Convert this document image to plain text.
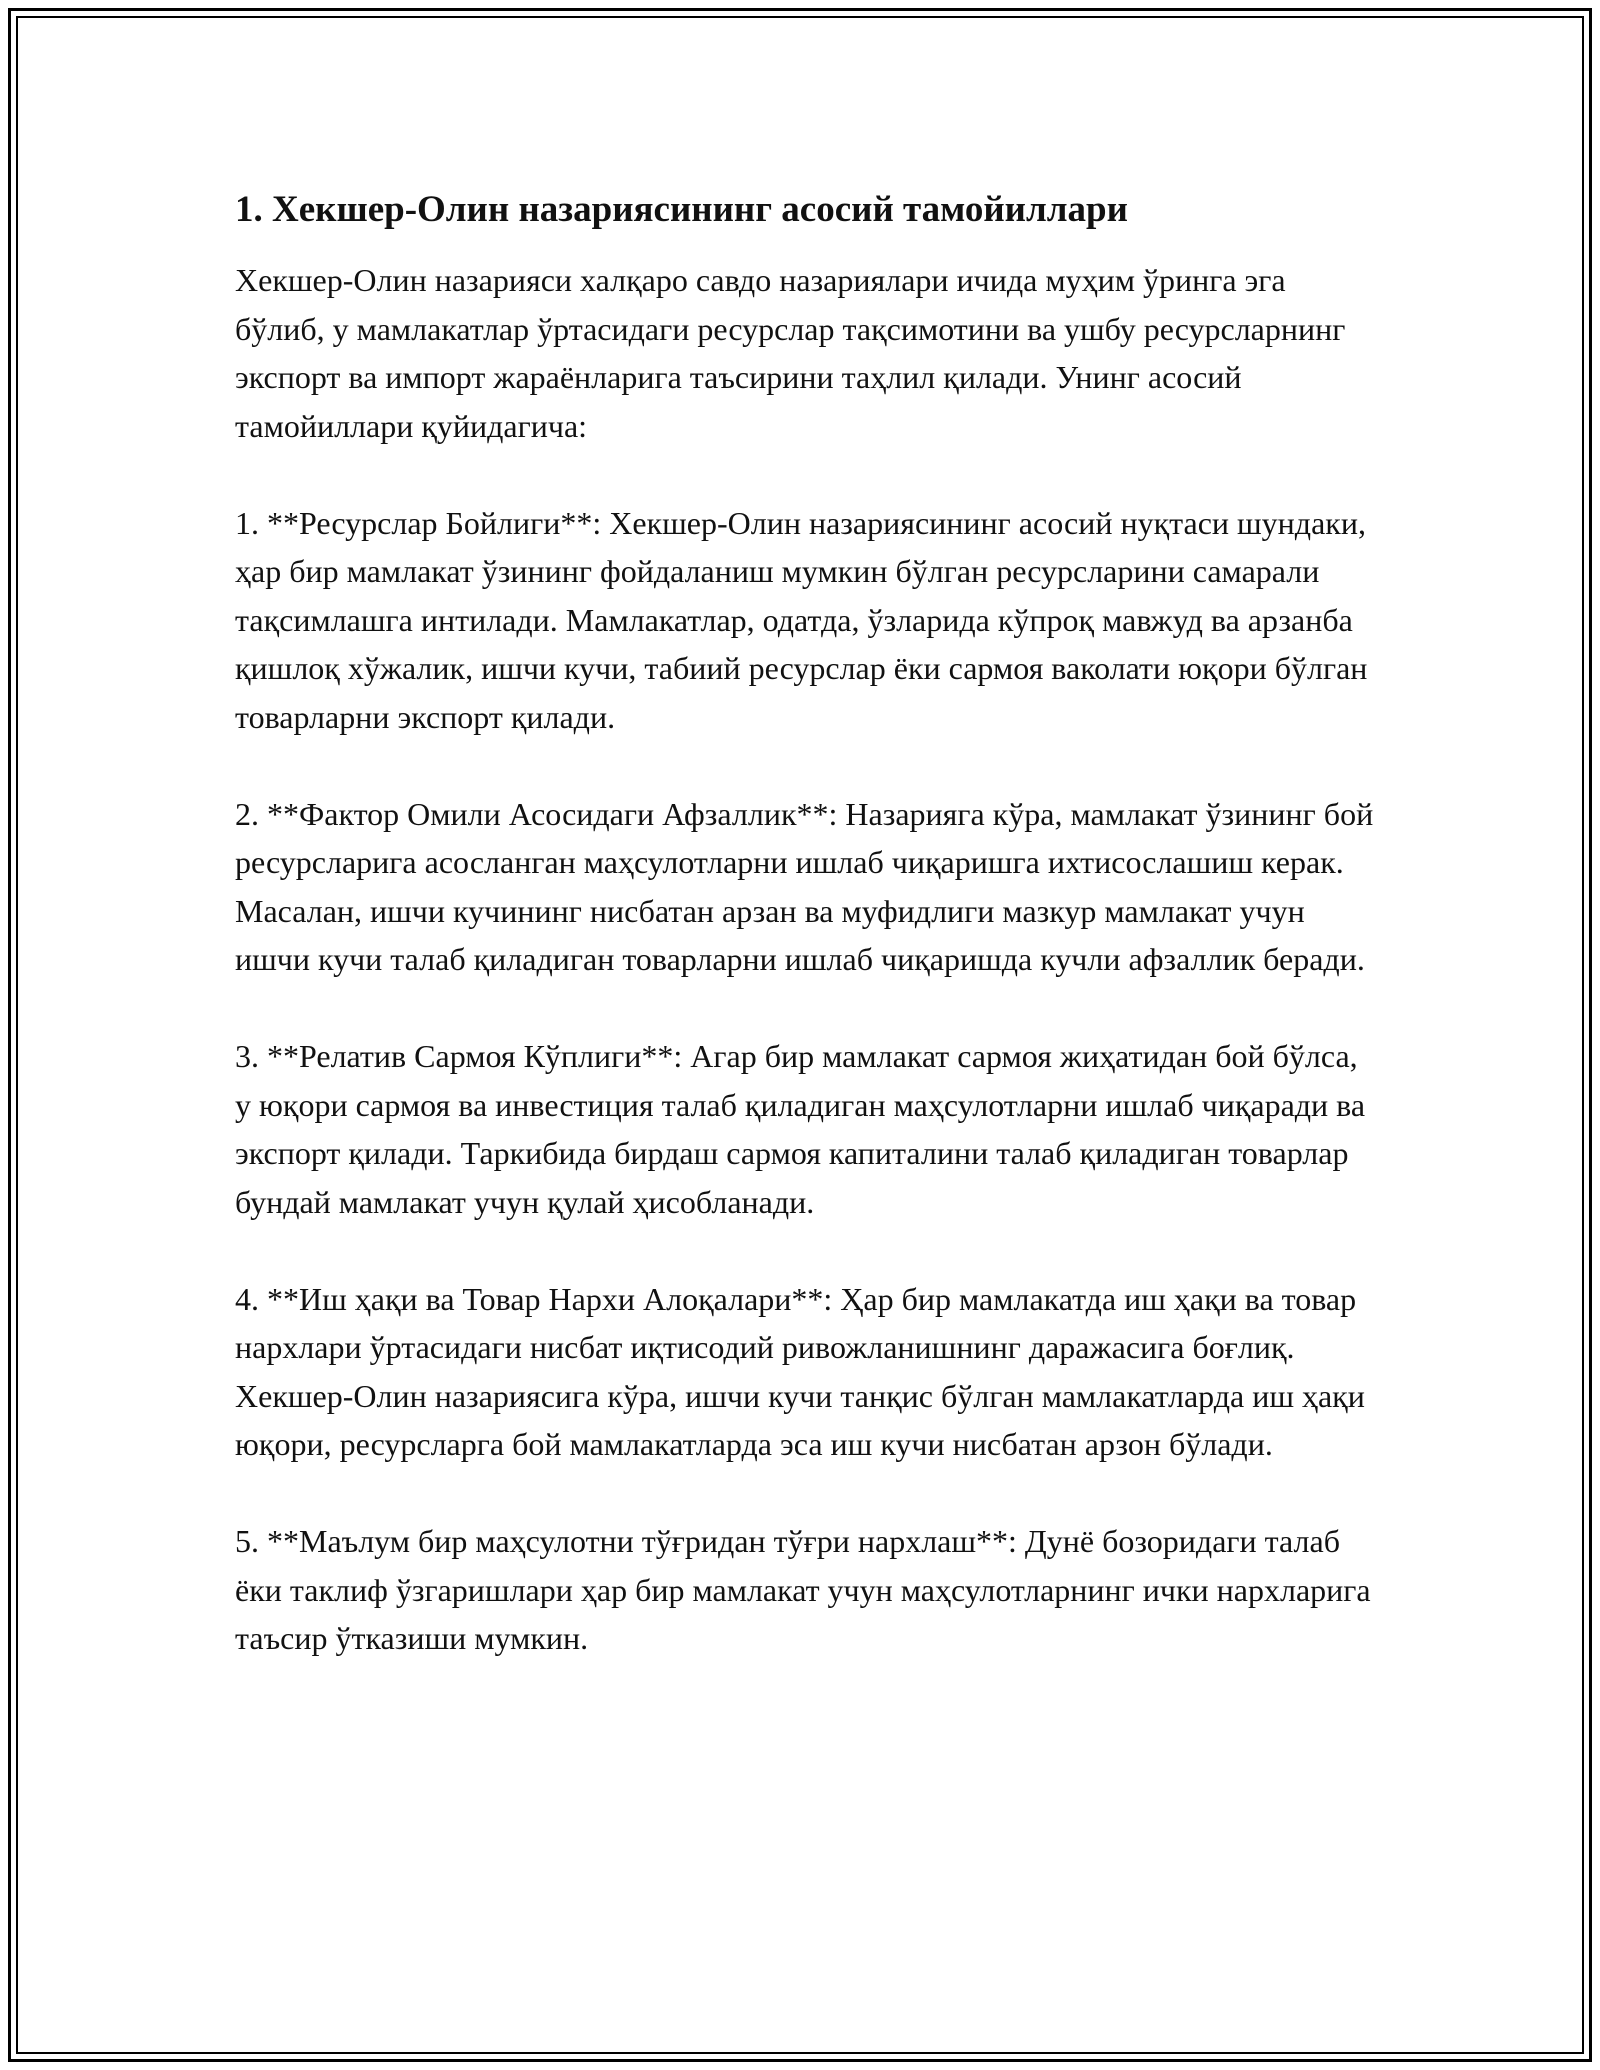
1. Хекшер-Олин назариясининг асосий тамойиллари

Хекшер-Олин назарияси халқаро савдо назариялари ичида муҳим ўринга эга бўлиб, у мамлакатлар ўртасидаги ресурслар тақсимотини ва ушбу ресурсларнинг экспорт ва импорт жараёнларига таъсирини таҳлил қилади. Унинг асосий тамойиллари қуйидагича:

1. **Ресурслар Бойлиги**: Хекшер-Олин назариясининг асосий нуқтаси шундаки, ҳар бир мамлакат ўзининг фойдаланиш мумкин бўлган ресурсларини самарали тақсимлашга интилади. Мамлакатлар, одатда, ўзларида кўпроқ мавжуд ва арзанба қишлоқ хўжалик, ишчи кучи, табиий ресурслар ёки сармоя ваколати юқори бўлган товарларни экспорт қилади.

2. **Фактор Омили Асосидаги Афзаллик**: Назарияга кўра, мамлакат ўзининг бой ресурсларига асосланган маҳсулотларни ишлаб чиқаришга ихтисослашиш керак. Масалан, ишчи кучининг нисбатан арзан ва муфидлиги мазкур мамлакат учун ишчи кучи талаб қиладиган товарларни ишлаб чиқаришда кучли афзаллик беради.

3. **Релатив Сармоя Кўплиги**: Агар бир мамлакат сармоя жиҳатидан бой бўлса, у юқори сармоя ва инвестиция талаб қиладиган маҳсулотларни ишлаб чиқаради ва экспорт қилади. Таркибида бирдаш сармоя капиталини талаб қиладиган товарлар бундай мамлакат учун қулай ҳисобланади.

4. **Иш ҳақи ва Товар Нархи Алоқалари**: Ҳар бир мамлакатда иш ҳақи ва товар нархлари ўртасидаги нисбат иқтисодий ривожланишнинг даражасига боғлиқ. Хекшер-Олин назариясига кўра, ишчи кучи танқис бўлган мамлакатларда иш ҳақи юқори, ресурсларга бой мамлакатларда эса иш кучи нисбатан арзон бўлади.

5. **Маълум бир маҳсулотни тўғридан тўғри нархлаш**: Дунё бозоридаги талаб ёки таклиф ўзгаришлари ҳар бир мамлакат учун маҳсулотларнинг ички нархларига таъсир ўтказиши мумкин.
